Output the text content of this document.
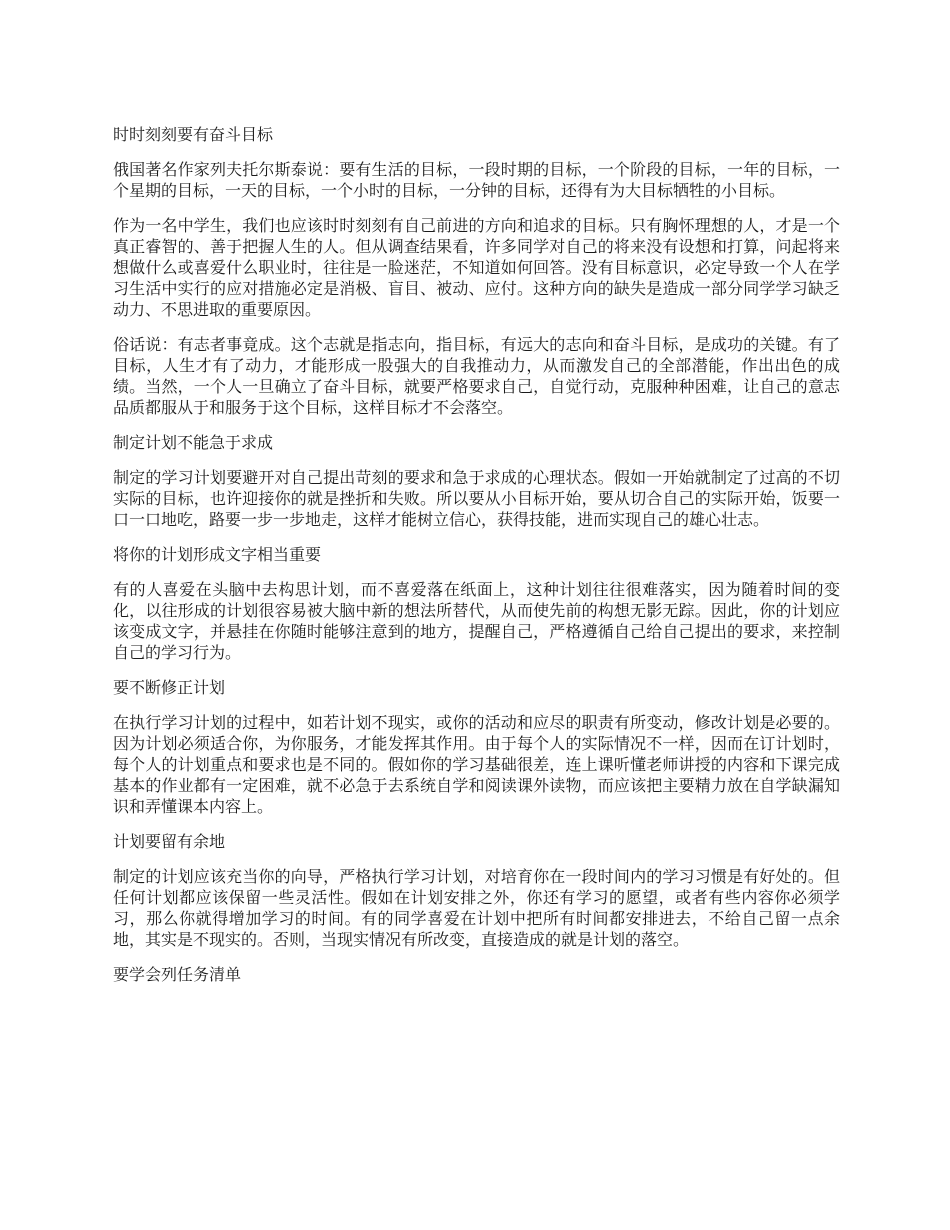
时时刻刻要有奋斗目标

俄国著名作家列夫托尔斯泰说：要有生活的目标，一段时期的目标，一个阶段的目标，一年的目标，一个星期的目标，一天的目标，一个小时的目标，一分钟的目标，还得有为大目标牺牲的小目标。

作为一名中学生，我们也应该时时刻刻有自己前进的方向和追求的目标。只有胸怀理想的人，才是一个真正睿智的、善于把握人生的人。但从调查结果看，许多同学对自己的将来没有设想和打算，问起将来想做什么或喜爱什么职业时，往往是一脸迷茫，不知道如何回答。没有目标意识，必定导致一个人在学习生活中实行的应对措施必定是消极、盲目、被动、应付。这种方向的缺失是造成一部分同学学习缺乏动力、不思进取的重要原因。

俗话说：有志者事竟成。这个志就是指志向，指目标，有远大的志向和奋斗目标，是成功的关键。有了目标，人生才有了动力，才能形成一股强大的自我推动力，从而激发自己的全部潜能，作出出色的成绩。当然，一个人一旦确立了奋斗目标，就要严格要求自己，自觉行动，克服种种困难，让自己的意志品质都服从于和服务于这个目标，这样目标才不会落空。

制定计划不能急于求成

制定的学习计划要避开对自己提出苛刻的要求和急于求成的心理状态。假如一开始就制定了过高的不切实际的目标，也许迎接你的就是挫折和失败。所以要从小目标开始，要从切合自己的实际开始，饭要一口一口地吃，路要一步一步地走，这样才能树立信心，获得技能，进而实现自己的雄心壮志。

将你的计划形成文字相当重要

有的人喜爱在头脑中去构思计划，而不喜爱落在纸面上，这种计划往往很难落实，因为随着时间的变化，以往形成的计划很容易被大脑中新的想法所替代，从而使先前的构想无影无踪。因此，你的计划应该变成文字，并悬挂在你随时能够注意到的地方，提醒自己，严格遵循自己给自己提出的要求，来控制自己的学习行为。

要不断修正计划

在执行学习计划的过程中，如若计划不现实，或你的活动和应尽的职责有所变动，修改计划是必要的。因为计划必须适合你，为你服务，才能发挥其作用。由于每个人的实际情况不一样，因而在订计划时，每个人的计划重点和要求也是不同的。假如你的学习基础很差，连上课听懂老师讲授的内容和下课完成基本的作业都有一定困难，就不必急于去系统自学和阅读课外读物，而应该把主要精力放在自学缺漏知识和弄懂课本内容上。

计划要留有余地

制定的计划应该充当你的向导，严格执行学习计划，对培育你在一段时间内的学习习惯是有好处的。但任何计划都应该保留一些灵活性。假如在计划安排之外，你还有学习的愿望，或者有些内容你必须学习，那么你就得增加学习的时间。有的同学喜爱在计划中把所有时间都安排进去，不给自己留一点余地，其实是不现实的。否则，当现实情况有所改变，直接造成的就是计划的落空。

要学会列任务清单
